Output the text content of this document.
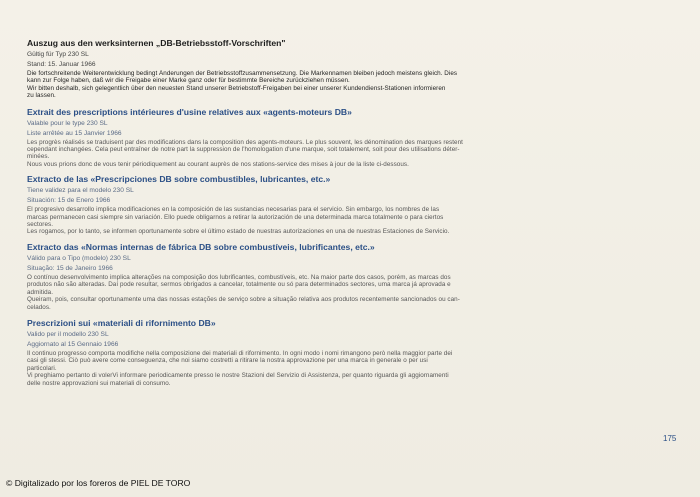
Auszug aus den werksinternen „DB-Betriebsstoff-Vorschriften"
Gültig für Typ 230 SL
Stand: 15. Januar 1966
Die fortschreitende Weiterentwicklung bedingt Änderungen der Betriebsstoffzusammensetzung. Die Markennamen bleiben jedoch meistens gleich. Dies
kann zur Folge haben, daß wir die Freigabe einer Marke ganz oder für bestimmte Bereiche zurückziehen müssen.
Wir bitten deshalb, sich gelegentlich über den neuesten Stand unserer Betriebstoff-Freigaben bei einer unserer Kundendienst-Stationen informieren
zu lassen.
Extrait des prescriptions intérieures d'usine relatives aux «agents-moteurs DB»
Valable pour le type 230 SL
Liste arrêtée au 15 Janvier 1966
Les progrès réalisés se traduisent par des modifications dans la composition des agents-moteurs. Le plus souvent, les dénomination des marques restent
cependant inchangées. Cela peut entraîner de notre part la suppression de l'homologation d'une marque, soit totalement, soit pour des utilisations déter-
minées.
Nous vous prions donc de vous tenir périodiquement au courant auprès de nos stations-service des mises à jour de la liste ci-dessous.
Extracto de las «Prescripciones DB sobre combustibles, lubricantes, etc.»
Tiene validez para el modelo 230 SL
Situación: 15 de Enero 1966
El progresivo desarrollo implica modificaciones en la composición de las sustancias necesarias para el servicio. Sin embargo, los nombres de las
marcas permanecen casi siempre sin variación. Ello puede obligarnos a retirar la autorización de una determinada marca totalmente o para ciertos
sectores.
Les rogamos, por lo tanto, se informen oportunamente sobre el último estado de nuestras autorizaciones en una de nuestras Estaciones de Servicio.
Extracto das «Normas internas de fábrica DB sobre combustíveis, lubrificantes, etc.»
Válido para o Tipo (modelo) 230 SL
Situação: 15 de Janeiro 1966
O contínuo desenvolvimento implica alterações na composição dos lubrificantes, combustíveis, etc. Na maior parte dos casos, porém, as marcas dos
produtos não são alteradas. Daí pode resultar, sermos obrigados a cancelar, totalmente ou só para determinados sectores, uma marca já aprovada e
admitida.
Queiram, pois, consultar oportunamente uma das nossas estações de serviço sobre a situação relativa aos produtos recentemente sancionados ou can-
celados.
Prescrizioni sui «materiali di rifornimento DB»
Valido per il modello 230 SL
Aggiornato al 15 Gennaio 1966
Il continuo progresso comporta modifiche nella composizione dei materiali di rifornimento. In ogni modo i nomi rimangono però nella maggior parte dei
casi gli stessi. Ciò può avere come conseguenza, che noi siamo costretti a ritirare la nostra approvazione per una marca in generale o per usi
particolari.
Vi preghiamo pertanto di volerVi informare periodicamente presso le nostre Stazioni del Servizio di Assistenza, per quanto riguarda gli aggiornamenti
delle nostre approvazioni sui materiali di consumo.
175
© Digitalizado por los foreros de PIEL DE TORO
